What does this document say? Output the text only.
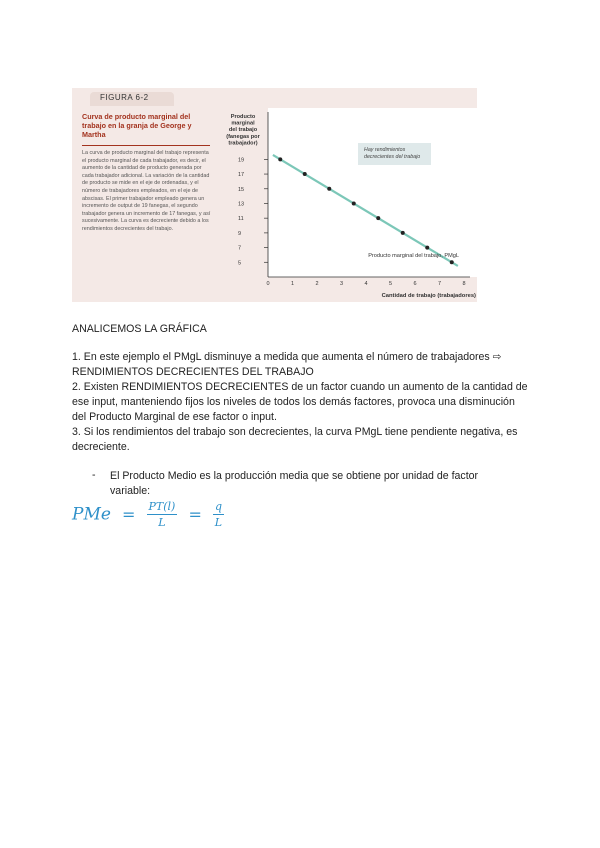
FIGURA 6-2
Curva de producto marginal del trabajo en la granja de George y Martha
La curva de producto marginal del trabajo representa el producto marginal de cada trabajador, es decir, el aumento de la cantidad de producto generada por cada trabajador adicional. La variación de la cantidad de producto se mide en el eje de ordenadas, y el número de trabajadores empleados, en el eje de abscisas. El primer trabajador empleado genera un incremento de output de 19 fanegas, el segundo trabajador genera un incremento de 17 fanegas, y así sucesivamente. La curva es decreciente debido a los rendimientos decrecientes del trabajo.
19
17
15
13
11
9
7
5
0	1	2	3	4	5	6	7	8
Producto marginal del trabajo (fanegas por trabajador)
Cantidad de trabajo (trabajadores)
Hay rendimientos decrecientes del trabajo
Producto marginal del trabajo, PMgL
ANALICEMOS LA GRÁFICA
1. En este ejemplo el PMgL disminuye a medida que aumenta el número de trabajadores ⇨ RENDIMIENTOS DECRECIENTES DEL TRABAJO
2. Existen RENDIMIENTOS DECRECIENTES de un factor cuando un aumento de la cantidad de ese input, manteniendo fijos los niveles de todos los demás factores, provoca una disminución del Producto Marginal de ese factor o input.
3. Si los rendimientos del trabajo son decrecientes, la curva PMgL tiene pendiente negativa, es decreciente.
- El Producto Medio es la producción media que se obtiene por unidad de factor variable:
PMe = $\frac{PT(l)}{L} = \frac{q}{L}$
